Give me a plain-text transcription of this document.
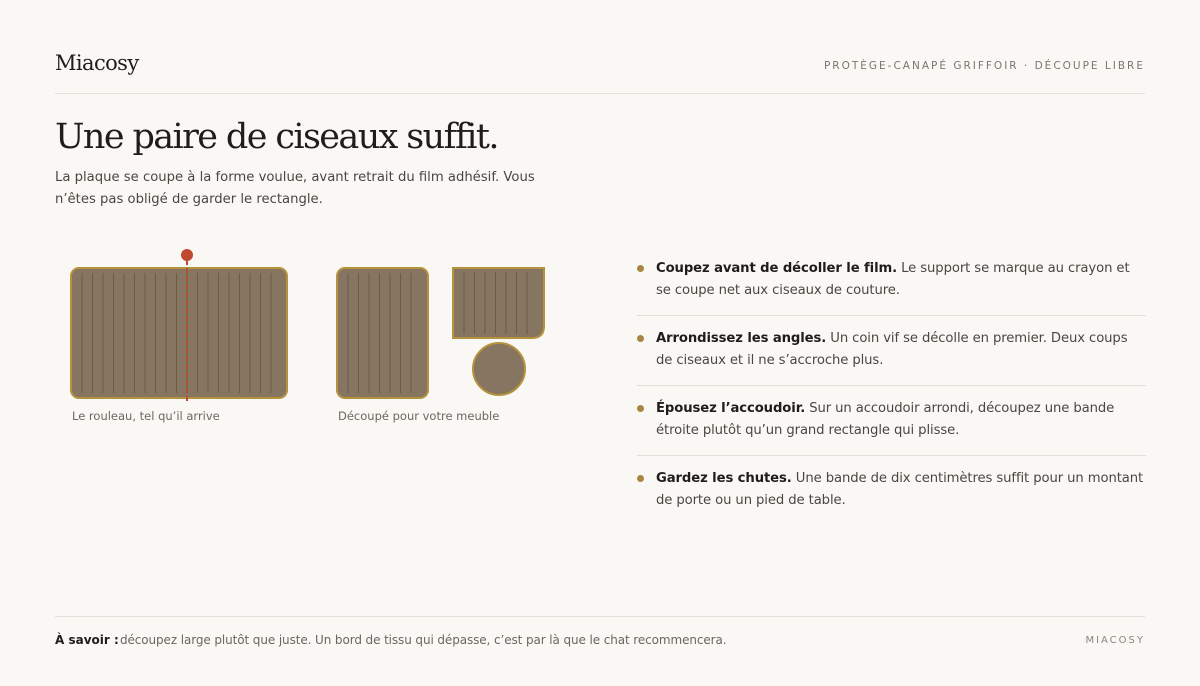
Miacosy	PROTÈGE-CANAPÉ GRIFFOIR · DÉCOUPE LIBRE
Une paire de ciseaux suffit.

La plaque se coupe à la forme voulue, avant retrait du film adhésif. Vous n’êtes pas obligé de garder le rectangle.

Le rouleau, tel qu’il arrive	Découpé pour votre meuble
Coupez avant de décoller le film. Le support se marque au crayon et se coupe net aux ciseaux de couture.
Arrondissez les angles. Un coin vif se décolle en premier. Deux coups de ciseaux et il ne s’accroche plus.
Épousez l’accoudoir. Sur un accoudoir arrondi, découpez une bande étroite plutôt qu’un grand rectangle qui plisse.
Gardez les chutes. Une bande de dix centimètres suffit pour un montant de porte ou un pied de table.
À savoir : découpez large plutôt que juste. Un bord de tissu qui dépasse, c’est par là que le chat recommencera.	MIACOSY
